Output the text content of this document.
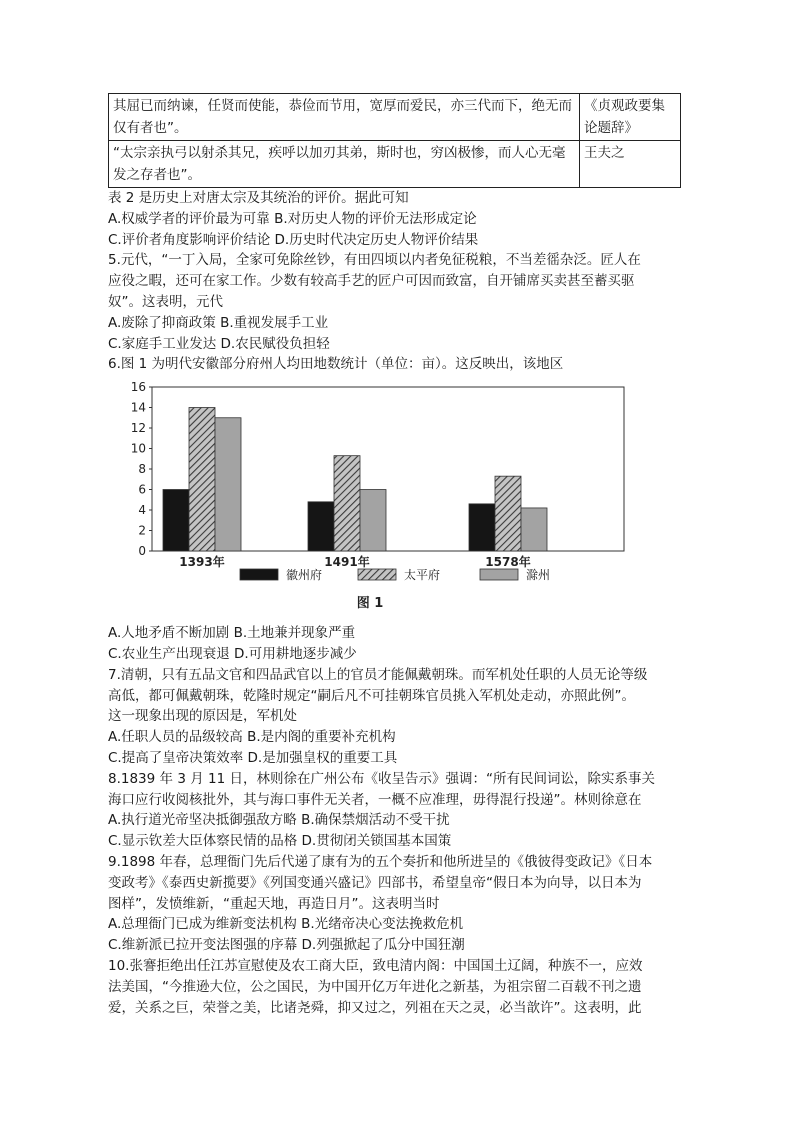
其屈已而纳谏，任贤而使能，恭俭而节用，宽厚而爱民，亦三代而下，绝无而仅有者也”。	《贞观政要集论题辞》
“太宗亲执弓以射杀其兄，疾呼以加刃其弟，斯时也，穷凶极惨，而人心无毫发之存者也”。	王夫之

表 2 是历史上对唐太宗及其统治的评价。据此可知

A.权威学者的评价最为可靠 B.对历史人物的评价无法形成定论

C.评价者角度影响评价结论 D.历史时代决定历史人物评价结果

5.元代，“一丁入局，全家可免除丝钞，有田四顷以内者免征税粮，不当差徭杂泛。匠人在

应役之暇，还可在家工作。少数有较高手艺的匠户可因而致富，自开铺席买卖甚至蓄买驱

奴”。这表明，元代

A.废除了抑商政策 B.重视发展手工业

C.家庭手工业发达 D.农民赋役负担轻

6.图 1 为明代安徽部分府州人均田地数统计（单位：亩）。这反映出，该地区

0
2
4
6
8
10
12
14
16
1393年	1491年	1578年
徽州府	太平府	滁州
图 1

A.人地矛盾不断加剧 B.土地兼并现象严重

C.农业生产出现衰退 D.可用耕地逐步减少

7.清朝，只有五品文官和四品武官以上的官员才能佩戴朝珠。而军机处任职的人员无论等级

高低，都可佩戴朝珠，乾隆时规定“嗣后凡不可挂朝珠官员挑入军机处走动，亦照此例”。

这一现象出现的原因是，军机处

A.任职人员的品级较高 B.是内阁的重要补充机构

C.提高了皇帝决策效率 D.是加强皇权的重要工具

8.1839 年 3 月 11 日，林则徐在广州公布《收呈告示》强调：“所有民间词讼，除实系事关

海口应行收阅核批外，其与海口事件无关者，一概不应准理，毋得混行投递”。林则徐意在

A.执行道光帝坚决抵御强敌方略 B.确保禁烟活动不受干扰

C.显示钦差大臣体察民情的品格 D.贯彻闭关锁国基本国策

9.1898 年春，总理衙门先后代递了康有为的五个奏折和他所进呈的《俄彼得变政记》《日本

变政考》《泰西史新揽要》《列国变通兴盛记》四部书，希望皇帝“假日本为向导，以日本为

图样”，发愤维新，“重起天地，再造日月”。这表明当时

A.总理衙门已成为维新变法机构 B.光绪帝决心变法挽救危机

C.维新派已拉开变法图强的序幕 D.列强掀起了瓜分中国狂潮

10.张謇拒绝出任江苏宣慰使及农工商大臣，致电清内阁：中国国土辽阔，种族不一，应效

法美国，“今推逊大位，公之国民，为中国开亿万年进化之新基，为祖宗留二百载不刊之遗

爱，关系之巨，荣誉之美，比诸尧舜，抑又过之，列祖在天之灵，必当歆许”。这表明，此
